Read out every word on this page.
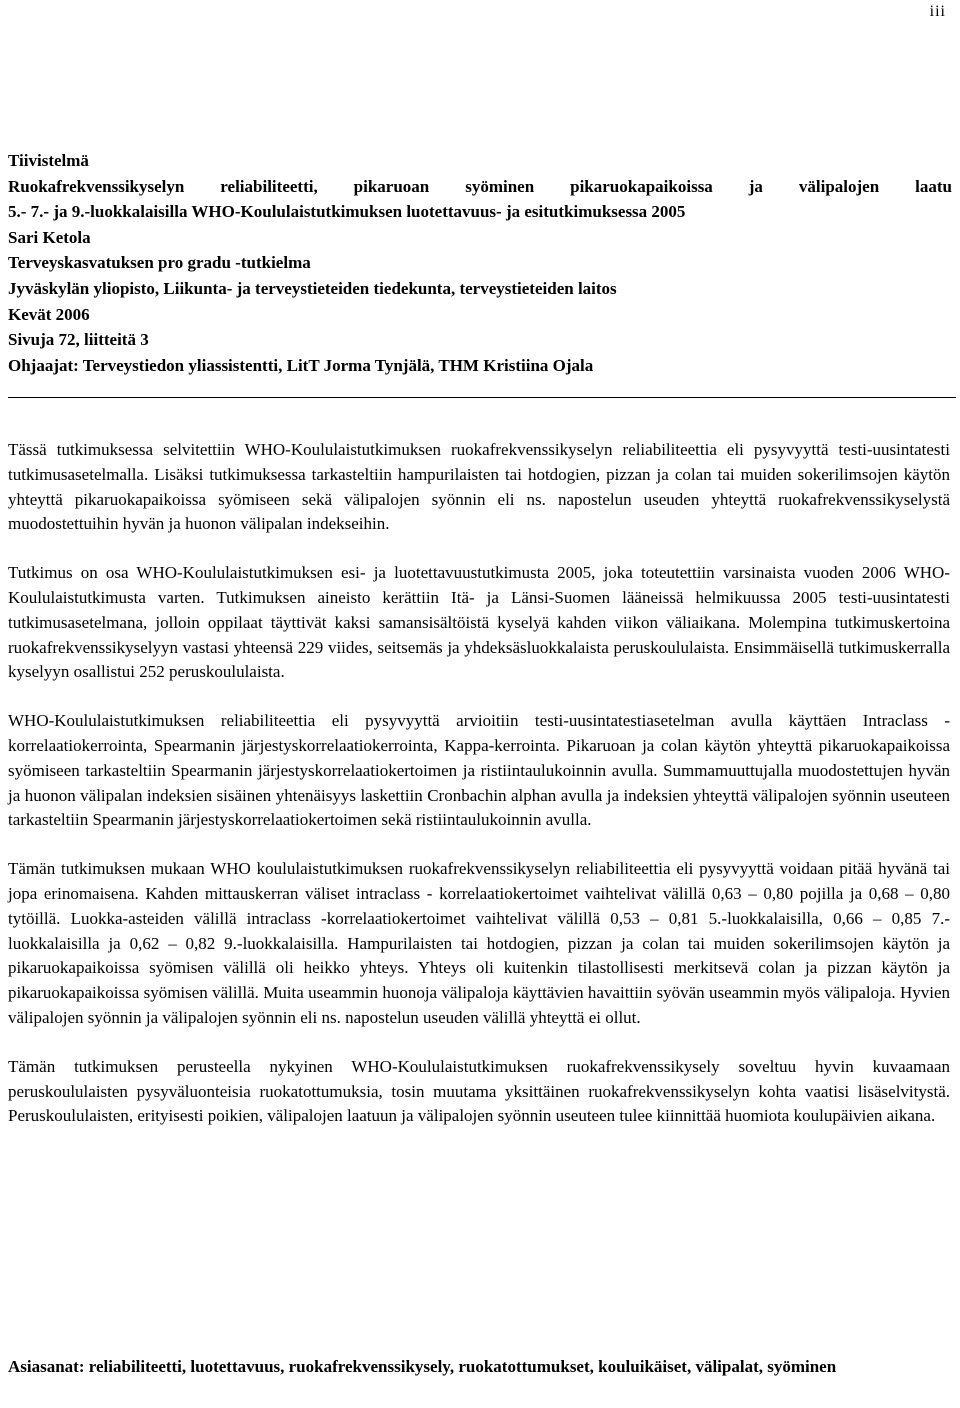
iii
Tiivistelmä
Ruokafrekvenssikyselyn reliabiliteetti, pikaruoan syöminen pikaruokapaikoissa ja välipalojen laatu
5.- 7.- ja 9.-luokkalaisilla WHO-Koululaistutkimuksen luotettavuus- ja esitutkimuksessa 2005
Sari Ketola
Terveyskasvatuksen pro gradu -tutkielma
Jyväskylän yliopisto, Liikunta- ja terveystieteiden tiedekunta, terveystieteiden laitos
Kevät 2006
Sivuja 72, liitteitä 3
Ohjaajat: Terveystiedon yliassistentti, LitT Jorma Tynjälä, THM Kristiina Ojala

Tässä tutkimuksessa selvitettiin WHO-Koululaistutkimuksen ruokafrekvenssikyselyn reliabiliteettia eli pysyvyyttä testi-uusintatesti tutkimusasetelmalla. Lisäksi tutkimuksessa tarkasteltiin hampurilaisten tai hotdogien, pizzan ja colan tai muiden sokerilimsojen käytön yhteyttä pikaruokapaikoissa syömiseen sekä välipalojen syönnin eli ns. napostelun useuden yhteyttä ruokafrekvenssikyselystä muodostettuihin hyvän ja huonon välipalan indekseihin.

Tutkimus on osa WHO-Koululaistutkimuksen esi- ja luotettavuustutkimusta 2005, joka toteutettiin varsinaista vuoden 2006 WHO-Koululaistutkimusta varten. Tutkimuksen aineisto kerättiin Itä- ja Länsi-Suomen lääneissä helmikuussa 2005 testi-uusintatesti tutkimusasetelmana, jolloin oppilaat täyttivät kaksi samansisältöistä kyselyä kahden viikon väliaikana. Molempina tutkimuskertoina ruokafrekvenssikyselyyn vastasi yhteensä 229 viides, seitsemäs ja yhdeksäsluokkalaista peruskoululaista. Ensimmäisellä tutkimuskerralla kyselyyn osallistui 252 peruskoululaista.

WHO-Koululaistutkimuksen reliabiliteettia eli pysyvyyttä arvioitiin testi-uusintatestiasetelman avulla käyttäen Intraclass -korrelaatiokerrointa, Spearmanin järjestyskorrelaatiokerrointa, Kappa-kerrointa. Pikaruoan ja colan käytön yhteyttä pikaruokapaikoissa syömiseen tarkasteltiin Spearmanin järjestyskorrelaatiokertoimen ja ristiintaulukoinnin avulla. Summamuuttujalla muodostettujen hyvän ja huonon välipalan indeksien sisäinen yhtenäisyys laskettiin Cronbachin alphan avulla ja indeksien yhteyttä välipalojen syönnin useuteen tarkasteltiin Spearmanin järjestyskorrelaatiokertoimen sekä ristiintaulukoinnin avulla.

Tämän tutkimuksen mukaan WHO koululaistutkimuksen ruokafrekvenssikyselyn reliabiliteettia eli pysyvyyttä voidaan pitää hyvänä tai jopa erinomaisena. Kahden mittauskerran väliset intraclass - korrelaatiokertoimet vaihtelivat välillä 0,63 – 0,80 pojilla ja 0,68 – 0,80 tytöillä. Luokka-asteiden välillä intraclass -korrelaatiokertoimet vaihtelivat välillä 0,53 – 0,81 5.-luokkalaisilla, 0,66 – 0,85 7.-luokkalaisilla ja 0,62 – 0,82 9.-luokkalaisilla. Hampurilaisten tai hotdogien, pizzan ja colan tai muiden sokerilimsojen käytön ja pikaruokapaikoissa syömisen välillä oli heikko yhteys. Yhteys oli kuitenkin tilastollisesti merkitsevä colan ja pizzan käytön ja pikaruokapaikoissa syömisen välillä. Muita useammin huonoja välipaloja käyttävien havaittiin syövän useammin myös välipaloja. Hyvien välipalojen syönnin ja välipalojen syönnin eli ns. napostelun useuden välillä yhteyttä ei ollut.

Tämän tutkimuksen perusteella nykyinen WHO-Koululaistutkimuksen ruokafrekvenssikysely soveltuu hyvin kuvaamaan peruskoululaisten pysyväluonteisia ruokatottumuksia, tosin muutama yksittäinen ruokafrekvenssikyselyn kohta vaatisi lisäselvitystä. Peruskoululaisten, erityisesti poikien, välipalojen laatuun ja välipalojen syönnin useuteen tulee kiinnittää huomiota koulupäivien aikana.

Asiasanat: reliabiliteetti, luotettavuus, ruokafrekvenssikysely, ruokatottumukset, kouluikäiset, välipalat, syöminen
